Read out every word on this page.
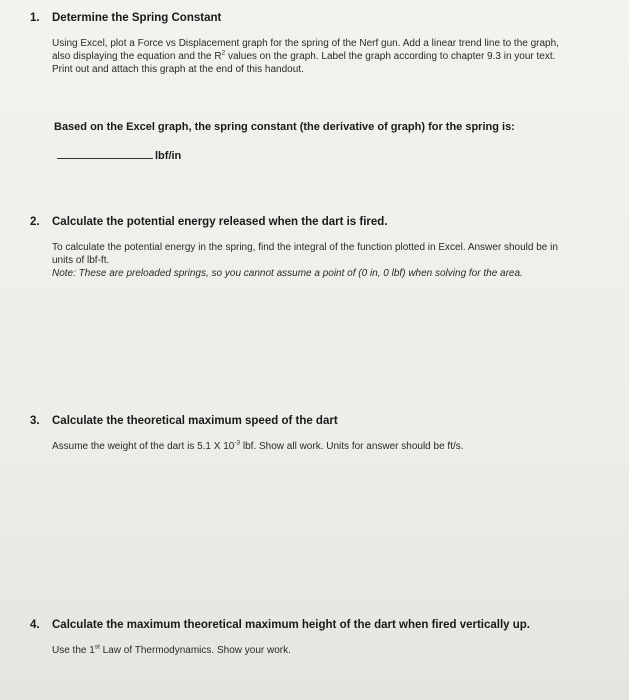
1. Determine the Spring Constant
Using Excel, plot a Force vs Displacement graph for the spring of the Nerf gun. Add a linear trend line to the graph,
also displaying the equation and the $R^2$ values on the graph. Label the graph according to chapter 9.3 in your text.
Print out and attach this graph at the end of this handout.
Based on the Excel graph, the spring constant (the derivative of graph) for the spring is:
lbf/in
2. Calculate the potential energy released when the dart is fired.
To calculate the potential energy in the spring, find the integral of the function plotted in Excel. Answer should be in
units of lbf-ft.
Note: These are preloaded springs, so you cannot assume a point of (0 in, 0 lbf) when solving for the area.
3. Calculate the theoretical maximum speed of the dart
Assume the weight of the dart is 5.1 X $10^{-3}$ lbf. Show all work. Units for answer should be ft/s.
4. Calculate the maximum theoretical maximum height of the dart when fired vertically up.
Use the 1st Law of Thermodynamics. Show your work.
